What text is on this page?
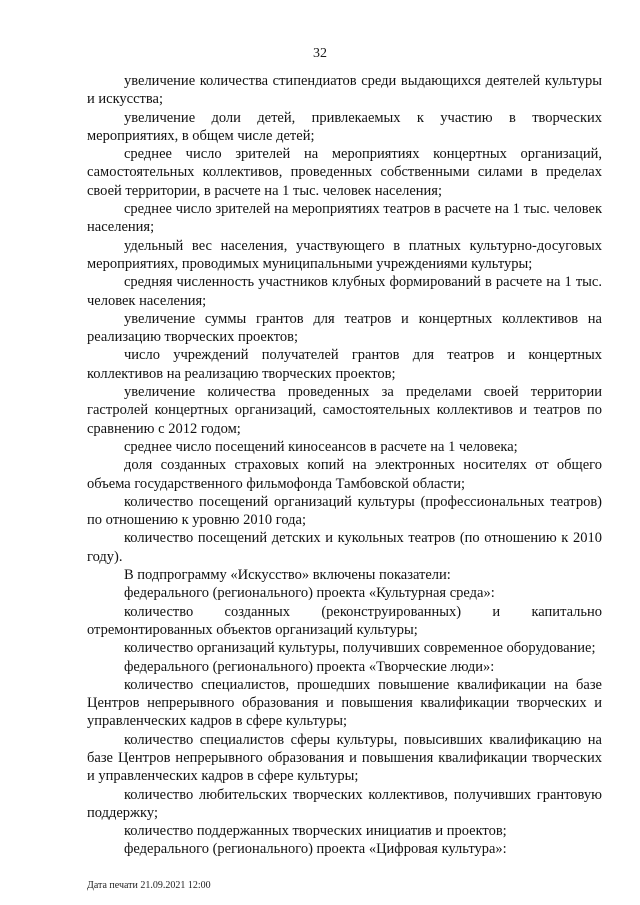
32

увеличение количества стипендиатов среди выдающихся деятелей культуры и искусства;

увеличение доли детей, привлекаемых к участию в творческих мероприятиях, в общем числе детей;

среднее число зрителей на мероприятиях концертных организаций, самостоятельных коллективов, проведенных собственными силами в пределах своей территории, в расчете на 1 тыс. человек населения;

среднее число зрителей на мероприятиях театров в расчете на 1 тыс. человек населения;

удельный вес населения, участвующего в платных культурно-досуговых мероприятиях, проводимых муниципальными учреждениями культуры;

средняя численность участников клубных формирований в расчете на 1 тыс. человек населения;

увеличение суммы грантов для театров и концертных коллективов на реализацию творческих проектов;

число учреждений получателей грантов для театров и концертных коллективов на реализацию творческих проектов;

увеличение количества проведенных за пределами своей территории гастролей концертных организаций, самостоятельных коллективов и театров по сравнению с 2012 годом;

среднее число посещений киносеансов в расчете на 1 человека;

доля созданных страховых копий на электронных носителях от общего объема государственного фильмофонда Тамбовской области;

количество посещений организаций культуры (профессиональных театров) по отношению к уровню 2010 года;

количество посещений детских и кукольных театров (по отношению к 2010 году).

В подпрограмму «Искусство» включены показатели:

федерального (регионального) проекта «Культурная среда»:

количество созданных (реконструированных) и капитально отремонтированных объектов организаций культуры;

количество организаций культуры, получивших современное оборудование;

федерального (регионального) проекта «Творческие люди»:

количество специалистов, прошедших повышение квалификации на базе Центров непрерывного образования и повышения квалификации творческих и управленческих кадров в сфере культуры;

количество специалистов сферы культуры, повысивших квалификацию на базе Центров непрерывного образования и повышения квалификации творческих и управленческих кадров в сфере культуры;

количество любительских творческих коллективов, получивших грантовую поддержку;

количество поддержанных творческих инициатив и проектов;

федерального (регионального) проекта «Цифровая культура»:

Дата печати 21.09.2021 12:00
